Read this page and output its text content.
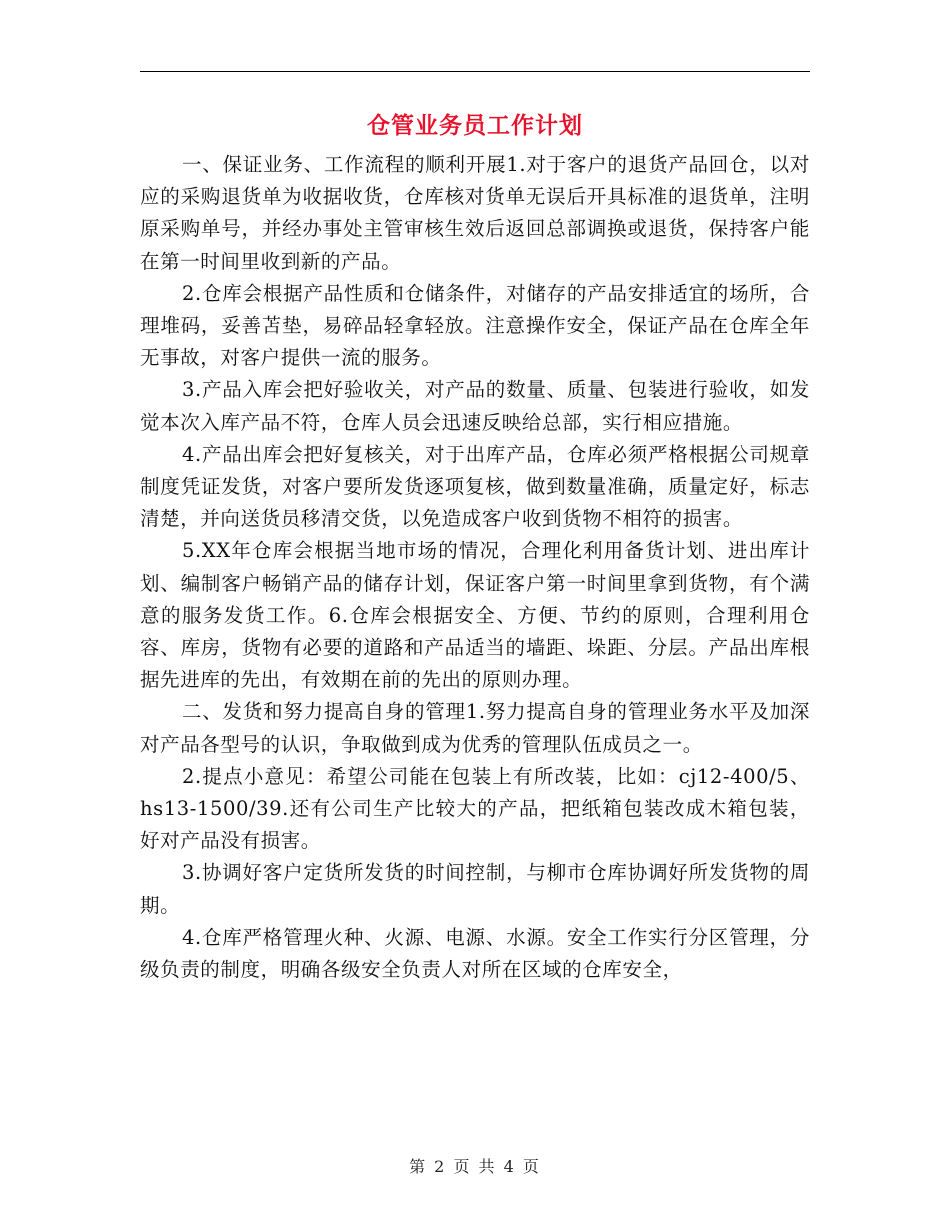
仓管业务员工作计划

一、保证业务、工作流程的顺利开展1.对于客户的退货产品回仓，以对应的采购退货单为收据收货，仓库核对货单无误后开具标准的退货单，注明原采购单号，并经办事处主管审核生效后返回总部调换或退货，保持客户能在第一时间里收到新的产品。

2.仓库会根据产品性质和仓储条件，对储存的产品安排适宜的场所，合理堆码，妥善苫垫，易碎品轻拿轻放。注意操作安全，保证产品在仓库全年无事故，对客户提供一流的服务。

3.产品入库会把好验收关，对产品的数量、质量、包装进行验收，如发觉本次入库产品不符，仓库人员会迅速反映给总部，实行相应措施。

4.产品出库会把好复核关，对于出库产品，仓库必须严格根据公司规章制度凭证发货，对客户要所发货逐项复核，做到数量准确，质量定好，标志清楚，并向送货员移清交货，以免造成客户收到货物不相符的损害。

5.XX年仓库会根据当地市场的情况，合理化利用备货计划、进出库计划、编制客户畅销产品的储存计划，保证客户第一时间里拿到货物，有个满意的服务发货工作。6.仓库会根据安全、方便、节约的原则，合理利用仓容、库房，货物有必要的道路和产品适当的墙距、垛距、分层。产品出库根据先进库的先出，有效期在前的先出的原则办理。

二、发货和努力提高自身的管理1.努力提高自身的管理业务水平及加深对产品各型号的认识，争取做到成为优秀的管理队伍成员之一。

2.提点小意见：希望公司能在包装上有所改装，比如：cj12-400/5、hs13-1500/39.还有公司生产比较大的产品，把纸箱包装改成木箱包装，好对产品没有损害。

3.协调好客户定货所发货的时间控制，与柳市仓库协调好所发货物的周期。

4.仓库严格管理火种、火源、电源、水源。安全工作实行分区管理，分级负责的制度，明确各级安全负责人对所在区域的仓库安全，

第 2 页 共 4 页
